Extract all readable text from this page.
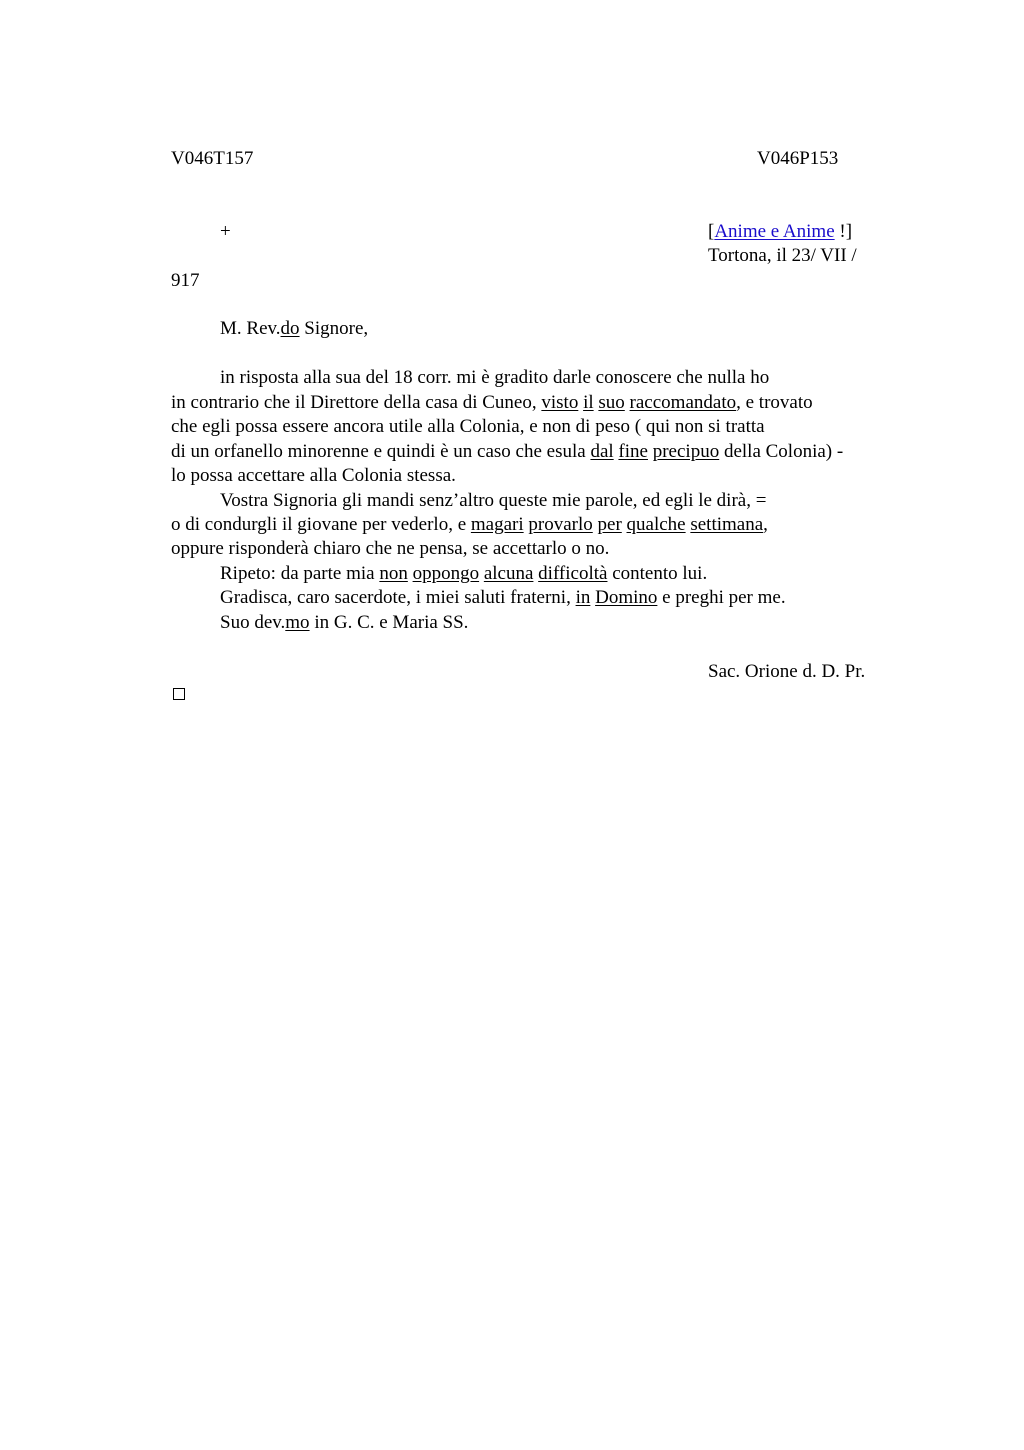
V046T157	V046P153
+	[Anime e Anime !]
Tortona, il 23/ VII /
917
M. Rev.do Signore,
in risposta alla sua del 18 corr. mi è gradito darle conoscere che nulla ho
in contrario che il Direttore della casa di Cuneo, visto il suo raccomandato, e trovato
che egli possa essere ancora utile alla Colonia, e non di peso ( qui non si tratta
di un orfanello minorenne e quindi è un caso che esula dal fine precipuo della Colonia) -
lo possa accettare alla Colonia stessa.
Vostra Signoria gli mandi senz’altro queste mie parole, ed egli le dirà, =
o di condurgli il giovane per vederlo, e magari provarlo per qualche settimana,
oppure risponderà chiaro che ne pensa, se accettarlo o no.
Ripeto: da parte mia non oppongo alcuna difficoltà contento lui.
Gradisca, caro sacerdote, i miei saluti fraterni, in Domino e preghi per me.
Suo dev.mo in G. C. e Maria SS.
Sac. Orione d. D. Pr.
